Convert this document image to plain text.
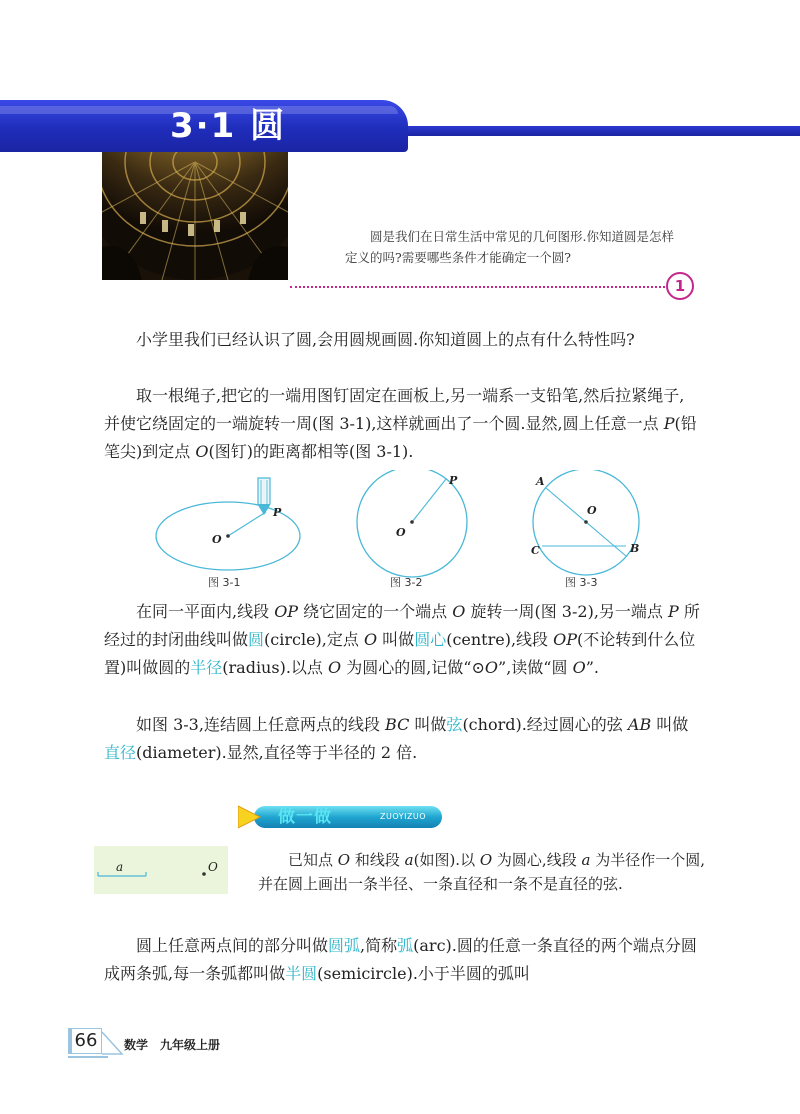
3·1 圆
圆是我们在日常生活中常见的几何图形.你知道圆是怎样定义的吗?需要哪些条件才能确定一个圆?
1

小学里我们已经认识了圆,会用圆规画圆.你知道圆上的点有什么特性吗?

取一根绳子,把它的一端用图钉固定在画板上,另一端系一支铅笔,然后拉紧绳子,并使它绕固定的一端旋转一周(图 3-1),这样就画出了一个圆.显然,圆上任意一点 P(铅笔尖)到定点 O(图钉)的距离都相等(图 3-1).

O
P
O
P
O
A
B
C
图 3-1	图 3-2	图 3-3

在同一平面内,线段 OP 绕它固定的一个端点 O 旋转一周(图 3-2),另一端点 P 所经过的封闭曲线叫做圆(circle),定点 O 叫做圆心(centre),线段 OP(不论转到什么位置)叫做圆的半径(radius).以点 O 为圆心的圆,记做“⊙O”,读做“圆 O”.

如图 3-3,连结圆上任意两点的线段 BC 叫做弦(chord).经过圆心的弦 AB 叫做直径(diameter).显然,直径等于半径的 2 倍.

做一做	ZUOYIZUO
a	O	已知点 O 和线段 a(如图).以 O 为圆心,线段 a 为半径作一个圆,并在圆上画出一条半径、一条直径和一条不是直径的弦.

圆上任意两点间的部分叫做圆弧,简称弧(arc).圆的任意一条直径的两个端点分圆成两条弧,每一条弧都叫做半圆(semicircle).小于半圆的弧叫

66	数学 九年级上册
